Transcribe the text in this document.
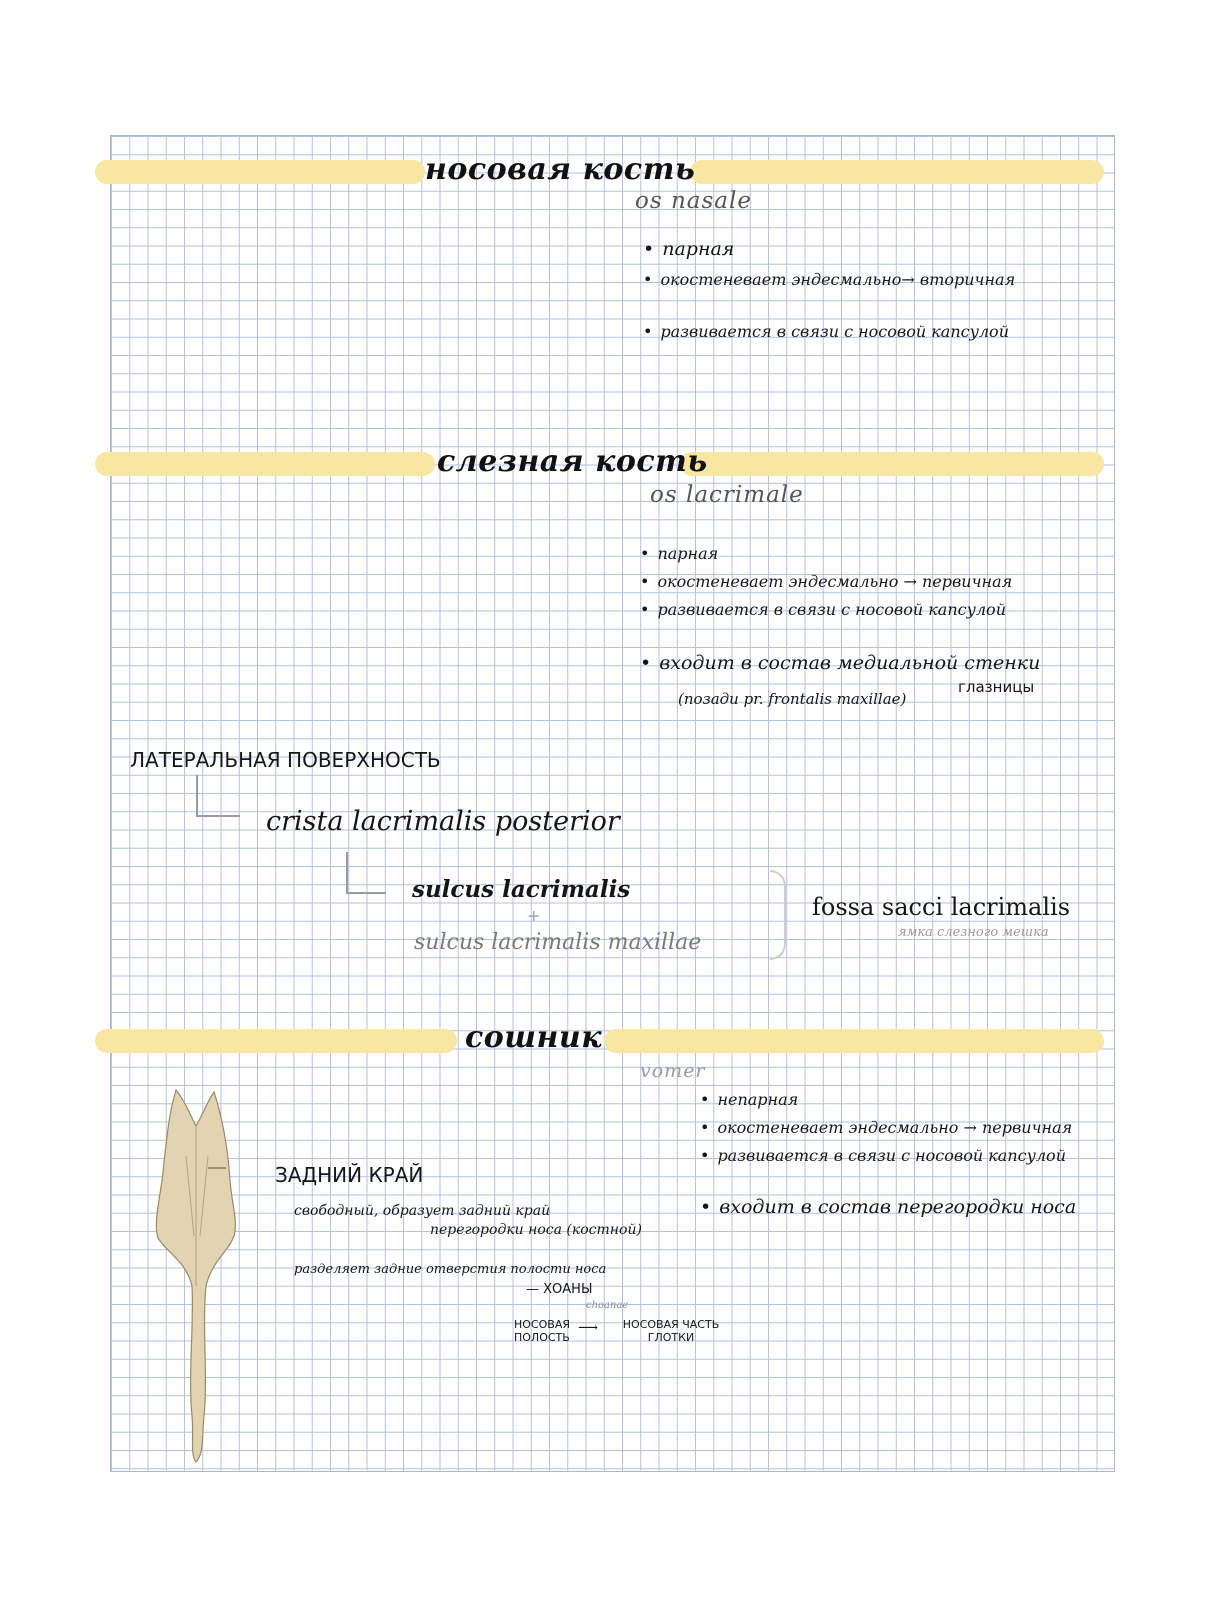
носовая кость
os nasale
• парная
• окостеневает эндесмально→ вторичная
• развивается в связи с носовой капсулой
слезная кость
os lacrimale
• парная
• окостеневает эндесмально → первичная
• развивается в связи с носовой капсулой
• входит в состав медиальной стенки
глазницы
(позади pr. frontalis maxillae)
ЛАТЕРАЛЬНАЯ ПОВЕРХНОСТЬ
crista lacrimalis posterior
sulcus lacrimalis
+
sulcus lacrimalis maxillae
fossa sacci lacrimalis
ямка слезного мешка
сошник
vomer
• непарная
• окостеневает эндесмально → первичная
• развивается в связи с носовой капсулой
• входит в состав перегородки носа
ЗАДНИЙ КРАЙ
свободный, образует задний край
перегородки носа (костной)
разделяет задние отверстия полости носа
— ХОАНЫ
choanae
НОСОВАЯ ПОЛОСТЬ
⟶	НОСОВАЯ ЧАСТЬ ГЛОТКИ
